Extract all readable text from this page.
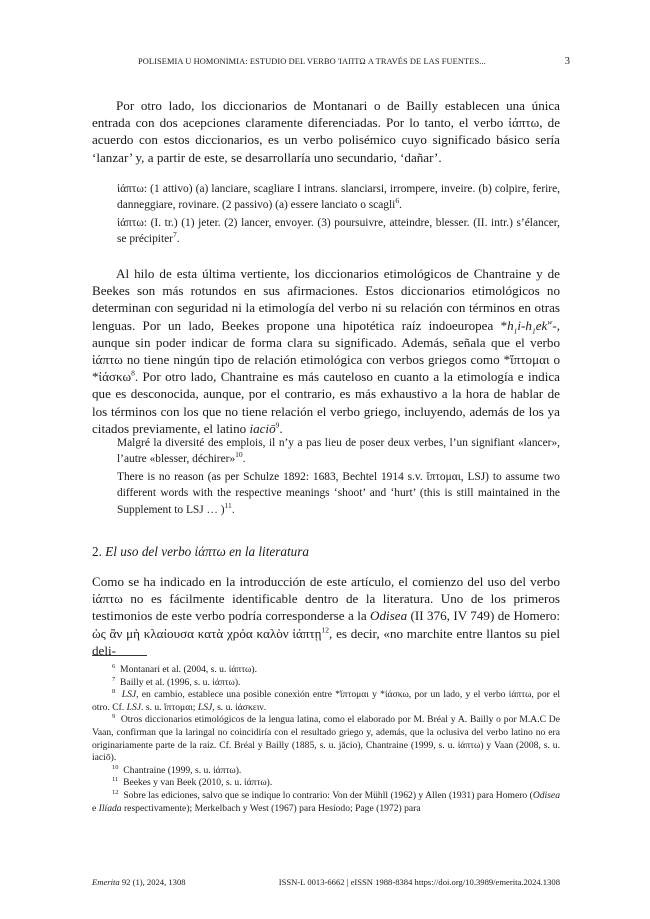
POLISEMIA U HOMONIMIA: ESTUDIO DEL VERBO ἸΑΠΤΩ A TRAVÉS DE LAS FUENTES...	3

Por otro lado, los diccionarios de Montanari o de Bailly establecen una única entrada con dos acepciones claramente diferenciadas. Por lo tanto, el verbo ἰάπτω, de acuerdo con estos diccionarios, es un verbo polisémico cuyo significado básico sería ‘lanzar’ y, a partir de este, se desarrollaría uno secundario, ‘dañar’.

ἰάπτω: (1 attivo) (a) lanciare, scagliare I intrans. slanciarsi, irrompere, inveire. (b) colpire, ferire, danneggiare, rovinare. (2 passivo) (a) essere lanciato o scagli$^6$.

ἰάπτω: (I. tr.) (1) jeter. (2) lancer, envoyer. (3) poursuivre, atteindre, blesser. (II. intr.) s’élancer, se précipiter$^7$.

Al hilo de esta última vertiente, los diccionarios etimológicos de Chantraine y de Beekes son más rotundos en sus afirmaciones. Estos diccionarios etimológicos no determinan con seguridad ni la etimología del verbo ni su relación con términos en otras lenguas. Por un lado, Beekes propone una hipotética raíz indoeuropea $*h_1i-h_1ek^w-$, aunque sin poder indicar de forma clara su significado. Además, señala que el verbo ἰάπτω no tiene ningún tipo de relación etimológica con verbos griegos como *ἴπτομαι o *ἰάσκω$^8$. Por otro lado, Chantraine es más cauteloso en cuanto a la etimología e indica que es desconocida, aunque, por el contrario, es más exhaustivo a la hora de hablar de los términos con los que no tiene relación el verbo griego, incluyendo, además de los ya citados previamente, el latino iaciō$^9$.

Malgré la diversité des emplois, il n’y a pas lieu de poser deux verbes, l’un signifiant «lancer», l’autre «blesser, déchirer»$^{10}$.

There is no reason (as per Schulze 1892: 1683, Bechtel 1914 s.v. ἴπτομαι, LSJ) to assume two different words with the respective meanings ‘shoot’ and ‘hurt’ (this is still maintained in the Supplement to LSJ … )$^{11}$.

2. El uso del verbo ἰάπτω en la literatura

Como se ha indicado en la introducción de este artículo, el comienzo del uso del verbo ἰάπτω no es fácilmente identificable dentro de la literatura. Uno de los primeros testimonios de este verbo podría corresponderse a la Odisea (II 376, IV 749) de Homero: ὡς ἂν μὴ κλαίουσα κατὰ χρόα καλὸν ἰάπτῃ$^{12}$, es decir, «no marchite entre llantos su piel deli-

$^6$ Montanari et al. (2004, s. u. ἰάπτω).

$^7$ Bailly et al. (1996, s. u. ἰάπτω).

$^8$ LSJ, en cambio, establece una posible conexión entre *ἴπτομαι y *ἰάσκω, por un lado, y el verbo ἰάπτω, por el otro. Cf. LSJ. s. u. ἴπτομαι; LSJ, s. u. ἰάσκειν.

$^9$ Otros diccionarios etimológicos de la lengua latina, como el elaborado por M. Bréal y A. Bailly o por M.A.C De Vaan, confirman que la laringal no coincidiría con el resultado griego y, además, que la oclusiva del verbo latino no era originariamente parte de la raíz. Cf. Bréal y Bailly (1885, s. u. jăcio), Chantraine (1999, s. u. ἰάπτω) y Vaan (2008, s. u. iaciō).

$^{10}$ Chantraine (1999, s. u. ἰάπτω).

$^{11}$ Beekes y van Beek (2010, s. u. ἰάπτω).

$^{12}$ Sobre las ediciones, salvo que se indique lo contrario: Von der Mühll (1962) y Allen (1931) para Homero (Odisea e Ilíada respectivamente); Merkelbach y West (1967) para Hesíodo; Page (1972) para

Emerita 92 (1), 2024, 1308	ISSN-L 0013-6662 | eISSN 1988-8384 https://doi.org/10.3989/emerita.2024.1308
